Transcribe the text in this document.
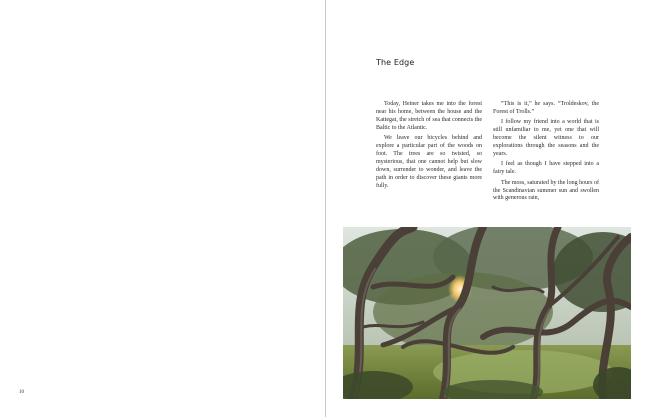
10
The Edge

Today, Heiner takes me into the forest near his home, between the house and the Kattegat, the stretch of sea that connects the Baltic to the Atlantic.

We leave our bicycles behind and explore a particular part of the woods on foot. The trees are so twisted, so mysterious, that one cannot help but slow down, surrender to wonder, and leave the path in order to discover these giants more fully.

“This is it,” he says. “Troldeskov, the Forest of Trolls.”

I follow my friend into a world that is still unfamiliar to me, yet one that will become the silent witness to our explorations through the seasons and the years.

I feel as though I have stepped into a fairy tale.

The moss, saturated by the long hours of the Scandinavian summer sun and swollen with generous rain,
